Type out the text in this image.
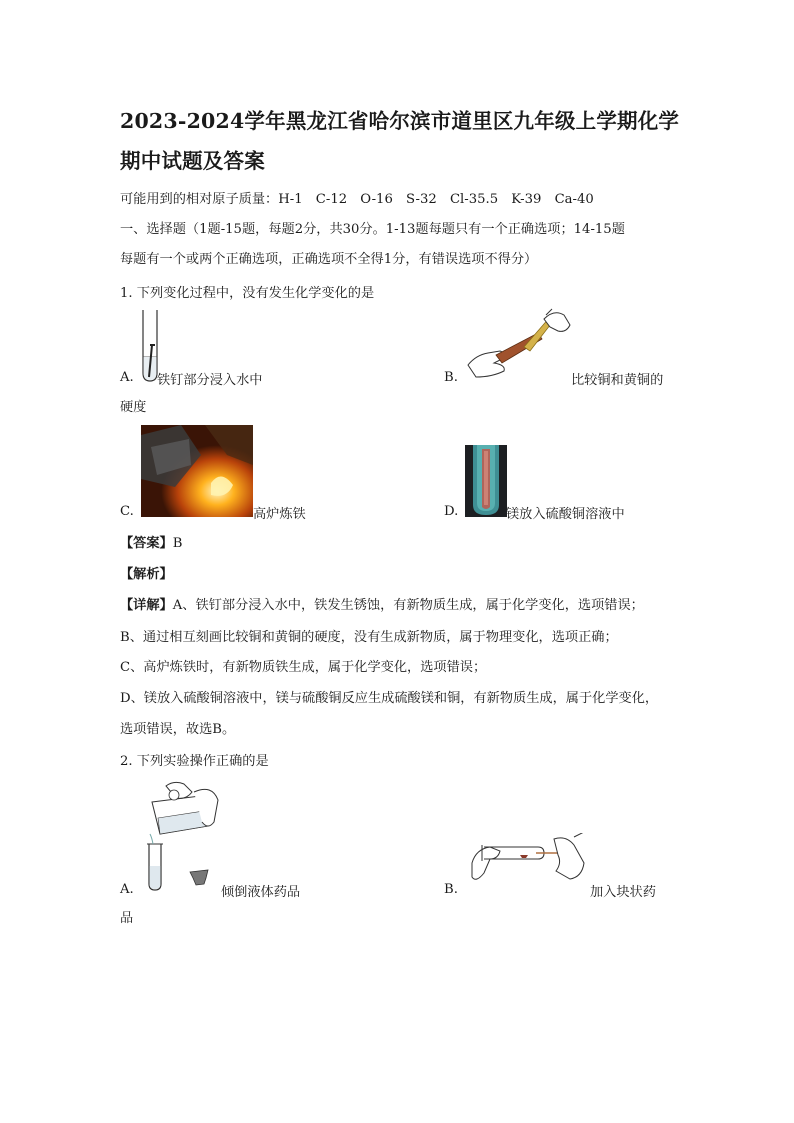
2023-2024学年黑龙江省哈尔滨市道里区九年级上学期化学
期中试题及答案
可能用到的相对原子质量：H-1　C-12　O-16　S-32　Cl-35.5　K-39　Ca-40
一、选择题（1题-15题，每题2分，共30分。1-13题每题只有一个正确选项；14-15题
每题有一个或两个正确选项，正确选项不全得1分，有错误选项不得分）
1. 下列变化过程中，没有发生化学变化的是
A. 铁钉部分浸入水中	B.	比较铜和黄铜的
硬度
C.	高炉炼铁	D.	镁放入硫酸铜溶液中
【答案】B
【解析】
【详解】A、铁钉部分浸入水中，铁发生锈蚀，有新物质生成，属于化学变化，选项错误；
B、通过相互刻画比较铜和黄铜的硬度，没有生成新物质，属于物理变化，选项正确；
C、高炉炼铁时，有新物质铁生成，属于化学变化，选项错误；
D、镁放入硫酸铜溶液中，镁与硫酸铜反应生成硫酸镁和铜，有新物质生成，属于化学变化，
选项错误，故选B。
2. 下列实验操作正确的是
A.	倾倒液体药品	B.	加入块状药
品
